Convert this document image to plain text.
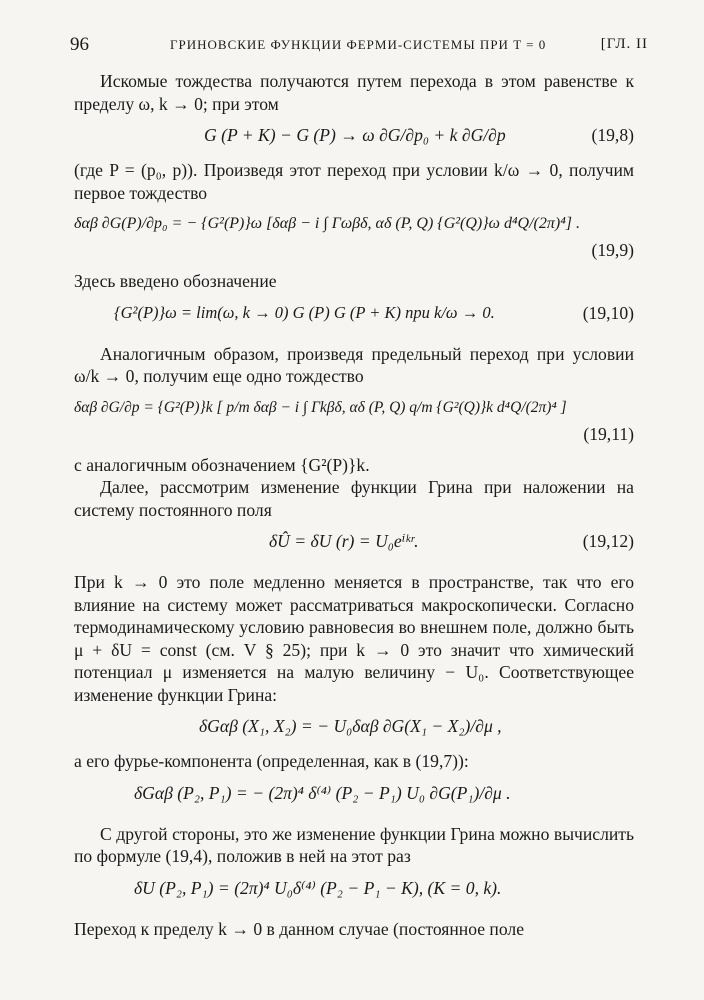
96	ГРИНОВСКИЕ ФУНКЦИИ ФЕРМИ-СИСТЕМЫ ПРИ T = 0	[ГЛ. II

Искомые тождества получаются путем перехода в этом равенстве к пределу ω, k → 0; при этом

G (P + K) − G (P) → ω ∂G/∂p₀ + k ∂G/∂p	(19,8)

(где P = (p₀, p)). Произведя этот переход при условии k/ω → 0, получим первое тождество

δαβ ∂G(P)/∂p₀ = − {G²(P)}ω [δαβ − i ∫ Γωβδ, αδ (P, Q) {G²(Q)}ω d⁴Q/(2π)⁴] .
(19,9)

Здесь введено обозначение

{G²(P)}ω = lim(ω, k → 0) G (P) G (P + K) при k/ω → 0.	(19,10)

Аналогичным образом, произведя предельный переход при условии ω/k → 0, получим еще одно тождество

δαβ ∂G/∂p = {G²(P)}k [ p/m δαβ − i ∫ Γkβδ, αδ (P, Q) q/m {G²(Q)}k d⁴Q/(2π)⁴ ]
(19,11)

с аналогичным обозначением {G²(P)}k.

Далее, рассмотрим изменение функции Грина при наложении на систему постоянного поля

δÛ = δU (r) = U₀eⁱᵏʳ.	(19,12)

При k → 0 это поле медленно меняется в пространстве, так что его влияние на систему может рассматриваться макроскопически. Согласно термодинамическому условию равновесия во внешнем поле, должно быть μ + δU = const (см. V § 25); при k → 0 это значит что химический потенциал μ изменяется на малую величину − U₀. Соответствующее изменение функции Грина:

δGαβ (X₁, X₂) = − U₀δαβ ∂G(X₁ − X₂)/∂μ ,

а его фурье-компонента (определенная, как в (19,7)):

δGαβ (P₂, P₁) = − (2π)⁴ δ⁽⁴⁾ (P₂ − P₁) U₀ ∂G(P₁)/∂μ .

С другой стороны, это же изменение функции Грина можно вычислить по формуле (19,4), положив в ней на этот раз

δU (P₂, P₁) = (2π)⁴ U₀δ⁽⁴⁾ (P₂ − P₁ − K), (K = 0, k).

Переход к пределу k → 0 в данном случае (постоянное поле
